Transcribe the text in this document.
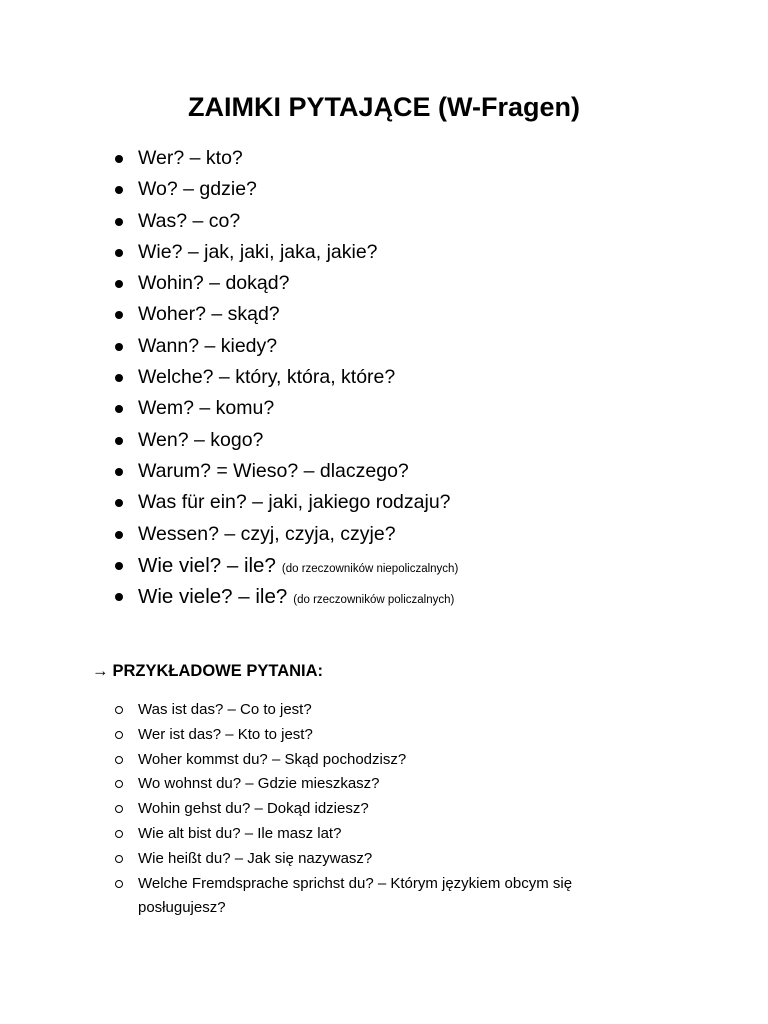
ZAIMKI PYTAJĄCE (W-Fragen)
Wer? – kto?
Wo? – gdzie?
Was? – co?
Wie? – jak, jaki, jaka, jakie?
Wohin? – dokąd?
Woher? – skąd?
Wann? – kiedy?
Welche? – który, która, które?
Wem? – komu?
Wen? – kogo?
Warum? = Wieso? – dlaczego?
Was für ein? – jaki, jakiego rodzaju?
Wessen? – czyj, czyja, czyje?
Wie viel? – ile? (do rzeczowników niepoliczalnych)
Wie viele? – ile? (do rzeczowników policzalnych)
→ PRZYKŁADOWE PYTANIA:
Was ist das? – Co to jest?
Wer ist das? – Kto to jest?
Woher kommst du? – Skąd pochodzisz?
Wo wohnst du? – Gdzie mieszkasz?
Wohin gehst du? – Dokąd idziesz?
Wie alt bist du? – Ile masz lat?
Wie heißt du? – Jak się nazywasz?
Welche Fremdsprache sprichst du? – Którym językiem obcym się
posługujesz?
